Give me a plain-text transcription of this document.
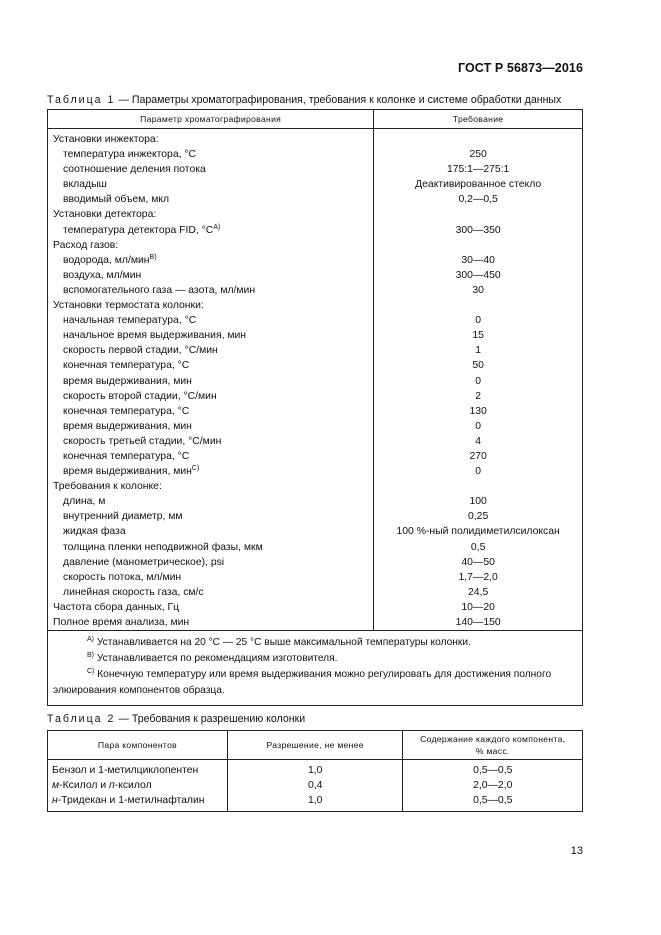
ГОСТ Р 56873—2016
Таблица 1 — Параметры хроматографирования, требования к колонке и системе обработки данных
Параметр хроматографирования	Требование
Установки инжектора:	
температура инжектора, °С	250
соотношение деления потока	175:1—275:1
вкладыш	Деактивированное стекло
вводимый объем, мкл	0,2—0,5
Установки детектора:	
температура детектора FID, $^\circ С^{A)}$	300—350
Расход газов:	
водорода, мл/мин$^{B)}$	30—40
воздуха, мл/мин	300—450
вспомогательного газа — азота, мл/мин	30
Установки термостата колонки:	
начальная температура, °С	0
начальное время выдерживания, мин	15
скорость первой стадии, °С/мин	1
конечная температура, °С	50
время выдерживания, мин	0
скорость второй стадии, °С/мин	2
конечная температура, °С	130
время выдерживания, мин	0
скорость третьей стадии, °С/мин	4
конечная температура, °С	270
время выдерживания, мин$^{C)}$	0
Требования к колонке:	
длина, м	100
внутренний диаметр, мм	0,25
жидкая фаза	100 %-ный полидиметилсилоксан
толщина пленки неподвижной фазы, мкм	0,5
давление (манометрическое), psi	40—50
скорость потока, мл/мин	1,7—2,0
линейная скорость газа, см/с	24,5
Частота сбора данных, Гц	10—20
Полное время анализа, мин	140—150

$^{A)}$ Устанавливается на 20 °С — 25 °С выше максимальной температуры колонки.
$^{B)}$ Устанавливается по рекомендациям изготовителя.
$^{C)}$ Конечную температуру или время выдерживания можно регулировать для достижения полного
элюирования компонентов образца.	
Таблица 2 — Требования к разрешению колонки
Пара компонентов	Разрешение, не менее	Содержание каждого компонента,
% масс.
Бензол и 1-метилциклопентен	1,0	0,5—0,5
м-Ксилол и п-ксилол	0,4	2,0—2,0
н-Тридекан и 1-метилнафталин	1,0	0,5—0,5
13
